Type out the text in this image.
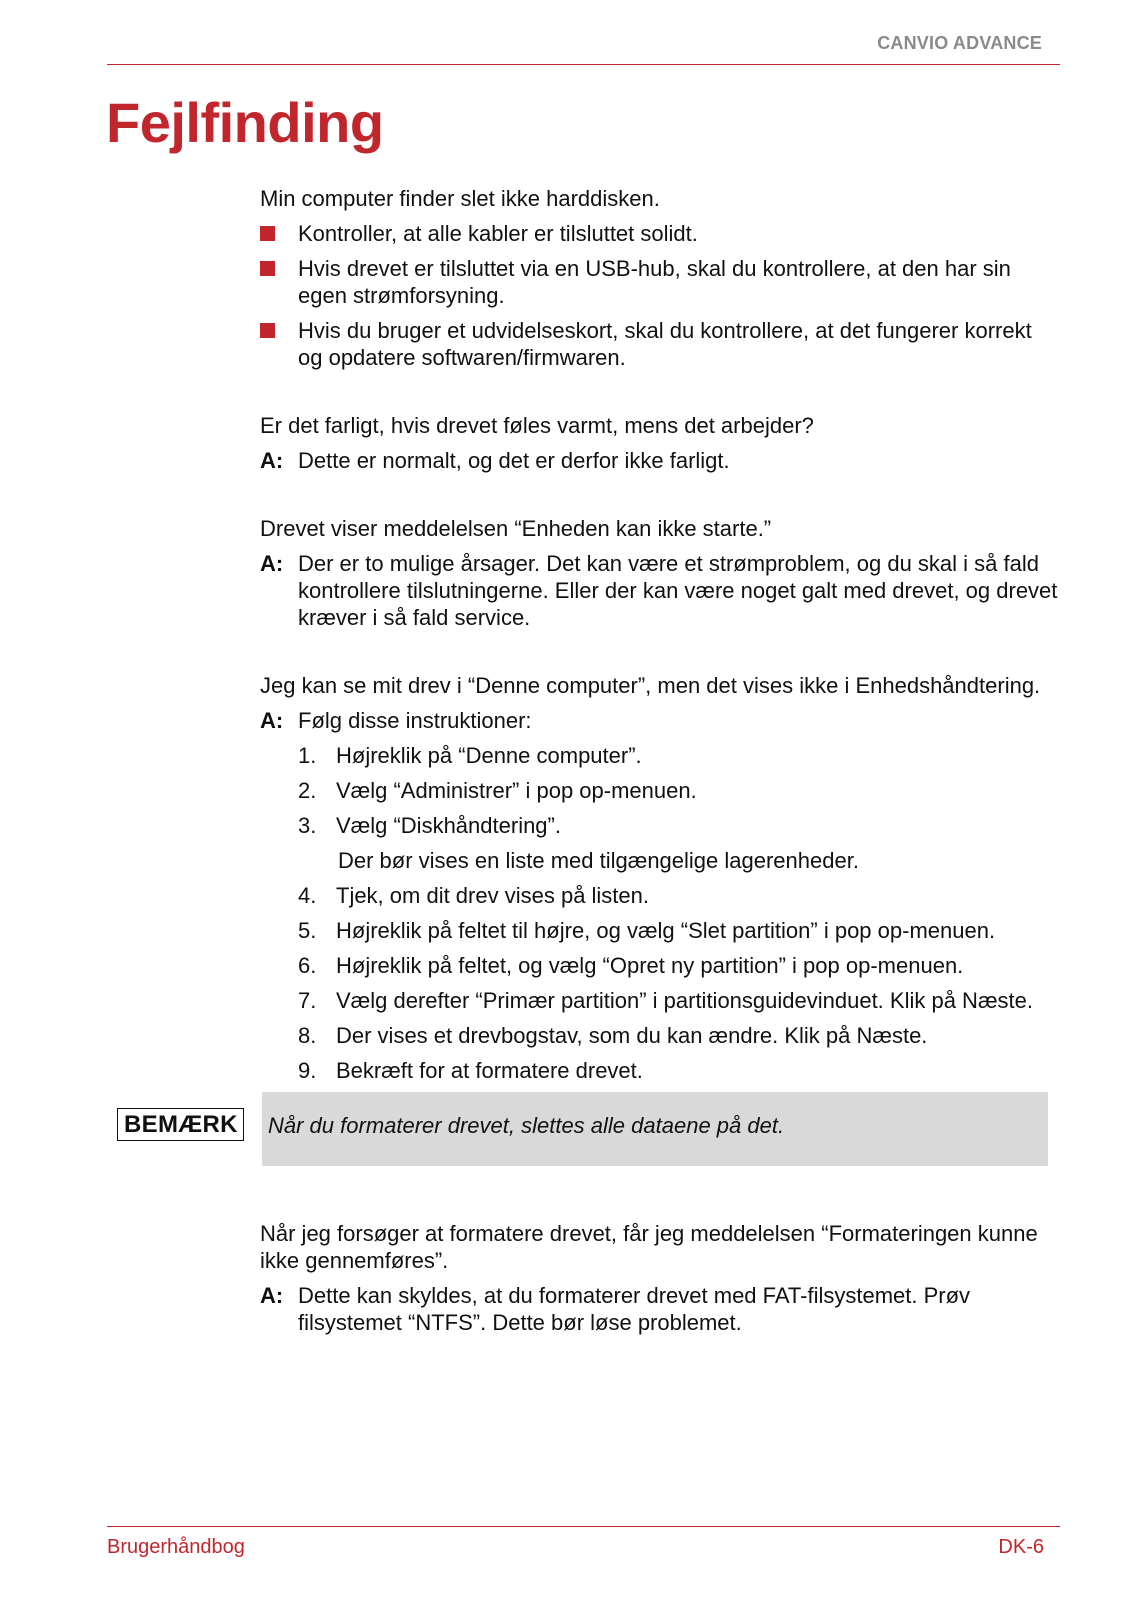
CANVIO ADVANCE
Fejlfinding

Min computer finder slet ikke harddisken.

Kontroller, at alle kabler er tilsluttet solidt.
Hvis drevet er tilsluttet via en USB-hub, skal du kontrollere, at den har sin egen strømforsyning.
Hvis du bruger et udvidelseskort, skal du kontrollere, at det fungerer korrekt og opdatere softwaren/firmwaren.

Er det farligt, hvis drevet føles varmt, mens det arbejder?

A: Dette er normalt, og det er derfor ikke farligt.

Drevet viser meddelelsen “Enheden kan ikke starte.”

A: Der er to mulige årsager. Det kan være et strømproblem, og du skal i så fald kontrollere tilslutningerne. Eller der kan være noget galt med drevet, og drevet kræver i så fald service.

Jeg kan se mit drev i “Denne computer”, men det vises ikke i Enhedshåndtering.

A: Følg disse instruktioner:
1. Højreklik på “Denne computer”.
2. Vælg “Administrer” i pop op-menuen.
3. Vælg “Diskhåndtering”.

Der bør vises en liste med tilgængelige lagerenheder.

4. Tjek, om dit drev vises på listen.
5. Højreklik på feltet til højre, og vælg “Slet partition” i pop op-menuen.
6. Højreklik på feltet, og vælg “Opret ny partition” i pop op-menuen.
7. Vælg derefter “Primær partition” i partitionsguidevinduet. Klik på Næste.
8. Der vises et drevbogstav, som du kan ændre. Klik på Næste.
9. Bekræft for at formatere drevet.
BEMÆRK Når du formaterer drevet, slettes alle dataene på det.

Når jeg forsøger at formatere drevet, får jeg meddelelsen “Formateringen kunne ikke gennemføres”.

A: Dette kan skyldes, at du formaterer drevet med FAT-filsystemet. Prøv filsystemet “NTFS”. Dette bør løse problemet.
Brugerhåndbog	DK-6
